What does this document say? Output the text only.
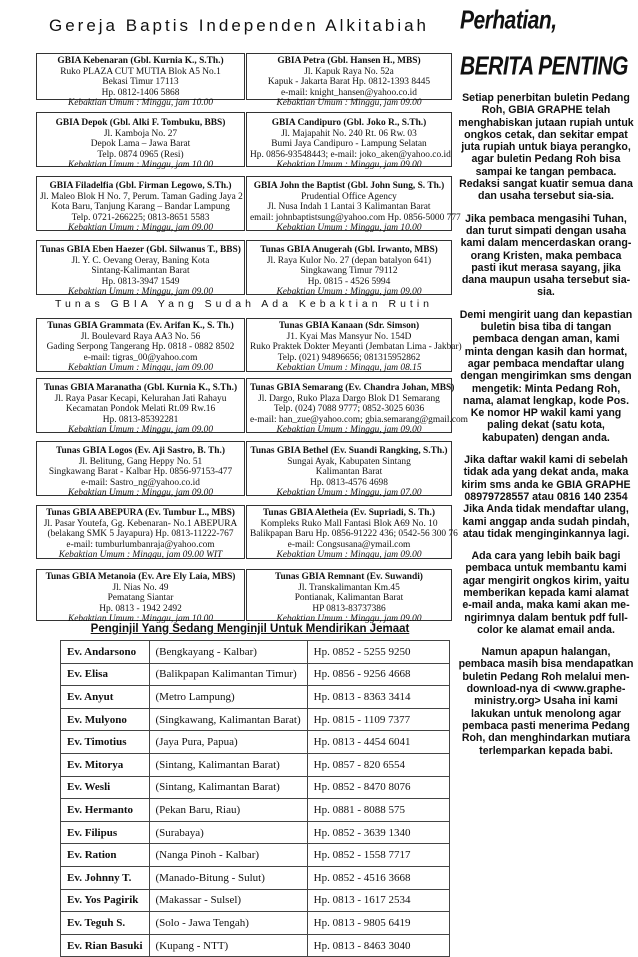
Gereja Baptis Independen Alkitabiah
GBIA Kebenaran (Gbl. Kurnia K., S.Th.)
Ruko PLAZA CUT MUTIA Blok A5 No.1
Bekasi Timur 17113
Hp. 0812-1406 5868
Kebaktian Umum : Minggu, jam 10.00
GBIA Petra (Gbl. Hansen H., MBS)
Jl. Kapuk Raya No. 52a
Kapuk - Jakarta Barat Hp. 0812-1393 8445
e-mail: knight_hansen@yahoo.co.id
Kebaktian Umum : Minggu, jam 09.00
GBIA Depok (Gbl. Alki F. Tombuku, BBS)
Jl. Kamboja No. 27
Depok Lama – Jawa Barat
Telp. 0874 0965 (Resi)
Kebaktian Umum : Minggu, jam 10.00
GBIA Candipuro (Gbl. Joko R., S.Th.)
Jl. Majapahit No. 240 Rt. 06 Rw. 03
Bumi Jaya Candipuro - Lampung Selatan
Hp. 0856-93548443; e-mail: joko_aken@yahoo.co.id
Kebaktian Umum : Minggu, jam 09.00
GBIA Filadelfia (Gbl. Firman Legowo, S.Th.)
Jl. Maleo Blok H No. 7, Perum. Taman Gading Jaya 2
Kota Baru, Tanjung Karang – Bandar Lampung
Telp. 0721-266225; 0813-8651 5583
Kebaktian Umum : Minggu, jam 09.00
GBIA John the Baptist (Gbl. John Sung, S. Th.)
Prudential Office Agency
Jl. Nusa Indah 1 Lantai 3 Kalimantan Barat
email: johnbaptistsung@yahoo.com Hp. 0856-5000 777
Kebaktian Umum : Minggu, jam 10.00
Tunas GBIA Eben Haezer (Gbl. Silwanus T., BBS)
Jl. Y. C. Oevang Oeray, Baning Kota
Sintang-Kalimantan Barat
Hp. 0813-3947 1549
Kebaktian Umum : Minggu, jam 09.00
Tunas GBIA Anugerah (Gbl. Irwanto, MBS)
Jl. Raya Kulor No. 27 (depan batalyon 641)
Singkawang Timur 79112
Hp. 0815 - 4526 5994
Kebaktian Umum : Minggu, jam 09.00
Tunas GBIA Yang Sudah Ada Kebaktian Rutin
Tunas GBIA Grammata (Ev. Arifan K., S. Th.)
Jl. Boulevard Raya AA3 No. 56
Gading Serpong Tangerang Hp. 0818 - 0882 8502
e-mail: tigras_00@yahoo.com
Kebaktian Umum : Minggu, jam 09.00
Tunas GBIA Kanaan (Sdr. Simson)
J1. Kyai Mas Mansyur No. 154D
Ruko Praktek Dokter Meyanti (Jembatan Lima - Jakbar)
Telp. (021) 94896656; 081315952862
Kebaktian Umum : Minggu, jam 08.15
Tunas GBIA Maranatha (Gbl. Kurnia K., S.Th.)
Jl. Raya Pasar Kecapi, Kelurahan Jati Rahayu
Kecamatan Pondok Melati Rt.09 Rw.16
Hp. 0813-85392281
Kebaktian Umum : Minggu, jam 09.00
Tunas GBIA Semarang (Ev. Chandra Johan, MBS)
Jl. Dargo, Ruko Plaza Dargo Blok D1 Semarang
Telp. (024) 7088 9777; 0852-3025 6036
e-mail: han_zue@yahoo.com; gbia.semarang@gmail.com
Kebaktian Umum : Minggu, jam 09.00
Tunas GBIA Logos (Ev. Aji Sastro, B. Th.)
Jl. Belitung, Gang Heppy No. 51
Singkawang Barat - Kalbar Hp. 0856-97153-477
e-mail: Sastro_ng@yahoo.co.id
Kebaktian Umum : Minggu, jam 09.00
Tunas GBIA Bethel (Ev. Suandi Rangking, S.Th.)
Sungai Ayak, Kabupaten Sintang
Kalimantan Barat
Hp. 0813-4576 4698
Kebaktian Umum : Minggu, jam 07.00
Tunas GBIA ABEPURA (Ev. Tumbur L., MBS)
Jl. Pasar Youtefa, Gg. Kebenaran- No.1 ABEPURA
(belakang SMK 5 Jayapura) Hp. 0813-11222-767
e-mail: tumburlumbanraja@yahoo.com
Kebaktian Umum : Minggu, jam 09.00 WIT
Tunas GBIA Aletheia (Ev. Supriadi, S. Th.)
Kompleks Ruko Mall Fantasi Blok A69 No. 10
Balikpapan Baru Hp. 0856-91222 436; 0542-56 300 76
e-mail: Congsusana@ymail.com
Kebaktian Umum : Minggu, jam 09.00
Tunas GBIA Metanoia (Ev. Are Ely Laia, MBS)
Jl. Nias No. 49
Pematang Siantar
Hp. 0813 - 1942 2492
Kebaktian Umum : Minggu, jam 10.00
Tunas GBIA Remnant (Ev. Suwandi)
Jl. Transkalimantan Km.45
Pontianak, Kalimantan Barat
HP 0813-83737386
Kebaktian Umum : Minggu, jam 09.00
Penginjil Yang Sedang Menginjil Untuk Mendirikan Jemaat
Ev. Andarsono	(Bengkayang - Kalbar)	Hp. 0852 - 5255 9250
Ev. Elisa	(Balikpapan Kalimantan Timur)	Hp. 0856 - 9256 4668
Ev. Anyut	(Metro Lampung)	Hp. 0813 - 8363 3414
Ev. Mulyono	(Singkawang, Kalimantan Barat)	Hp. 0815 - 1109 7377
Ev. Timotius	(Jaya Pura, Papua)	Hp. 0813 - 4454 6041
Ev. Mitorya	(Sintang, Kalimantan Barat)	Hp. 0857 - 820 6554
Ev. Wesli	(Sintang, Kalimantan Barat)	Hp. 0852 - 8470 8076
Ev. Hermanto	(Pekan Baru, Riau)	Hp. 0881 - 8088 575
Ev. Filipus	(Surabaya)	Hp. 0852 - 3639 1340
Ev. Ration	(Nanga Pinoh - Kalbar)	Hp. 0852 - 1558 7717
Ev. Johnny T.	(Manado-Bitung - Sulut)	Hp. 0852 - 4516 3668
Ev. Yos Pagirik	(Makassar - Sulsel)	Hp. 0813 - 1617 2534
Ev. Teguh S.	(Solo - Jawa Tengah)	Hp. 0813 - 9805 6419
Ev. Rian Basuki	(Kupang - NTT)	Hp. 0813 - 8463 3040
Perhatian,
BERITA PENTING

Setiap penerbitan buletin Pedang Roh, GBIA GRAPHE telah menghabiskan jutaan rupiah untuk ongkos cetak, dan sekitar empat juta rupiah untuk biaya perangko, agar buletin Pedang Roh bisa sampai ke tangan pembaca. Redaksi sangat kuatir semua dana dan usaha tersebut sia-sia.

Jika pembaca mengasihi Tuhan, dan turut simpati dengan usaha kami dalam mencerdaskan orang-orang Kristen, maka pembaca pasti ikut merasa sayang, jika dana maupun usaha tersebut sia-sia.

Demi mengirit uang dan kepastian buletin bisa tiba di tangan pembaca dengan aman, kami minta dengan kasih dan hormat, agar pembaca mendaftar ulang dengan mengirimkan sms dengan mengetik: Minta Pedang Roh, nama, alamat lengkap, kode Pos. Ke nomor HP wakil kami yang paling dekat (satu kota, kabupaten) dengan anda.

Jika daftar wakil kami di sebelah tidak ada yang dekat anda, maka kirim sms anda ke GBIA GRAPHE 08979728557 atau 0816 140 2354 Jika Anda tidak mendaftar ulang, kami anggap anda sudah pindah, atau tidak menginginkannya lagi.

Ada cara yang lebih baik bagi pembaca untuk membantu kami agar mengirit ongkos kirim, yaitu memberikan kepada kami alamat e-mail anda, maka kami akan me-ngirimnya dalam bentuk pdf full-color ke alamat email anda.

Namun apapun halangan, pembaca masih bisa mendapatkan buletin Pedang Roh melalui men-download-nya di <www.graphe-ministry.org> Usaha ini kami lakukan untuk menolong agar pembaca pasti menerima Pedang Roh, dan menghindarkan mutiara terlemparkan kepada babi.
